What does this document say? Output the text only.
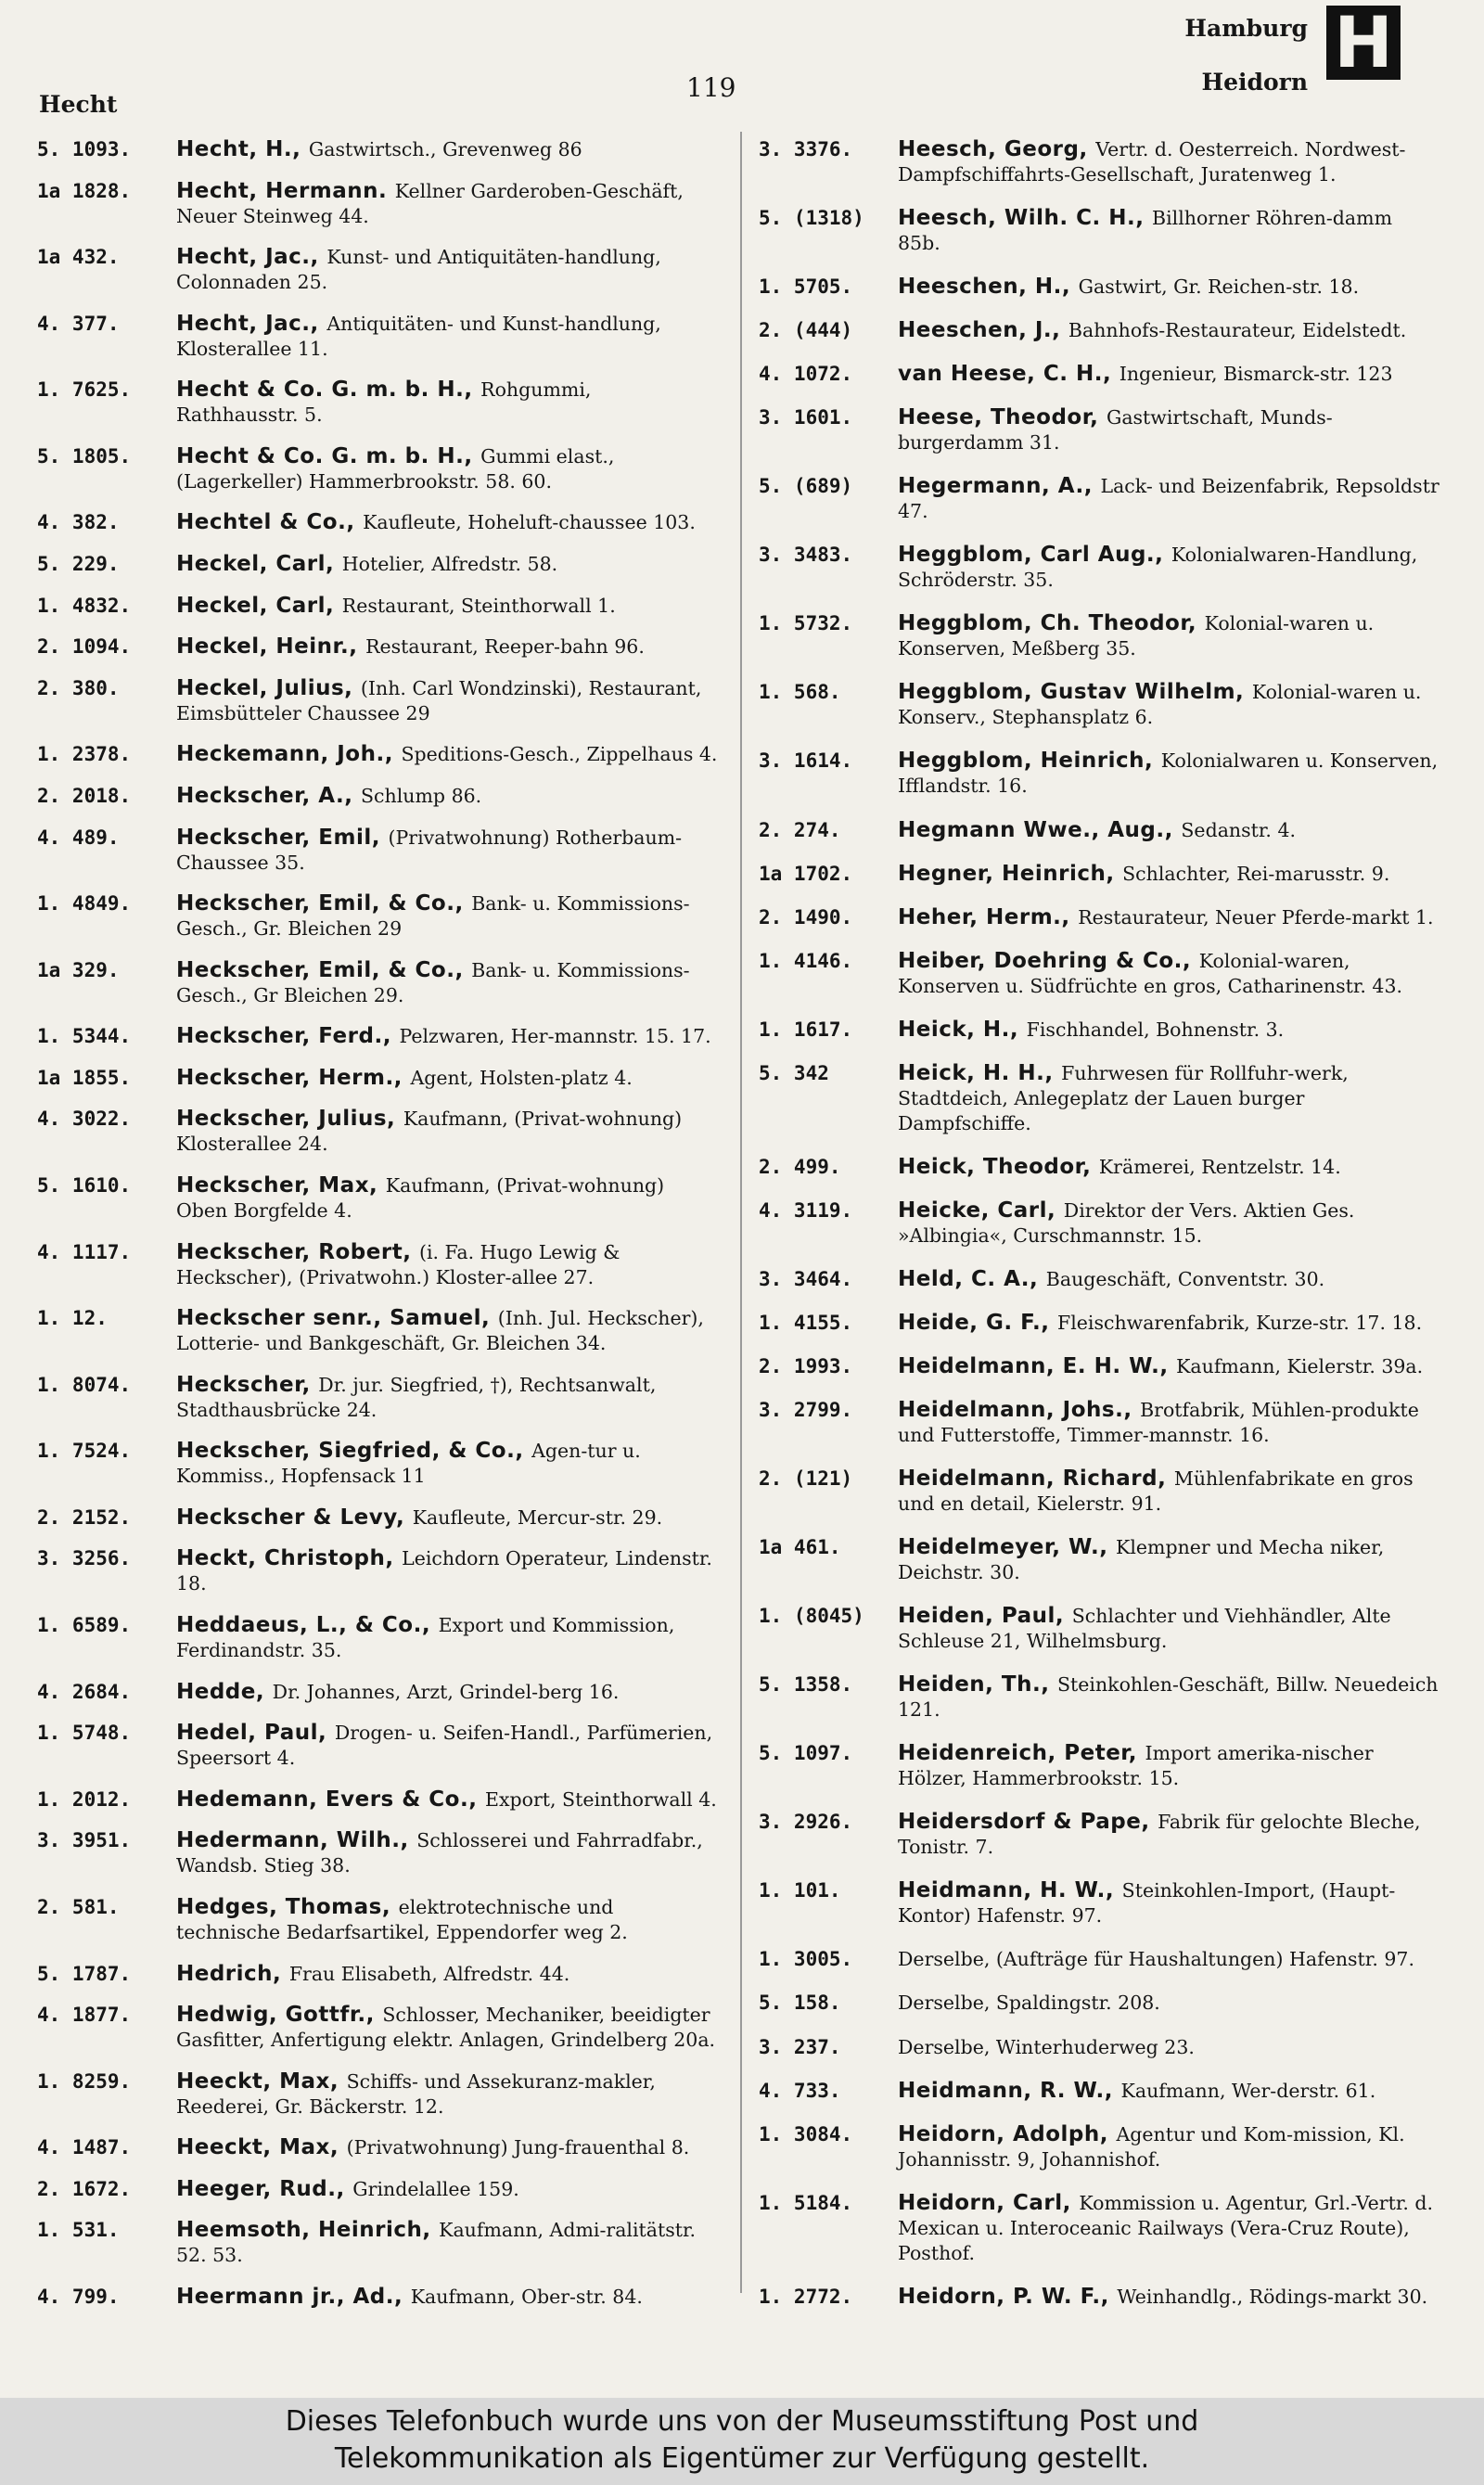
Hecht
119
Hamburg
Heidorn H
5. 1093.	Hecht, H., Gastwirtsch., Grevenweg 86
1a 1828.	Hecht, Hermann. Kellner Garderoben-Geschäft, Neuer Steinweg 44.
1a 432.	Hecht, Jac., Kunst- und Antiquitäten-handlung, Colonnaden 25.
4. 377.	Hecht, Jac., Antiquitäten- und Kunst-handlung, Klosterallee 11.
1. 7625.	Hecht & Co. G. m. b. H., Rohgummi, Rathhausstr. 5.
5. 1805.	Hecht & Co. G. m. b. H., Gummi elast., (Lagerkeller) Hammerbrookstr. 58. 60.
4. 382.	Hechtel & Co., Kaufleute, Hoheluft-chaussee 103.
5. 229.	Heckel, Carl, Hotelier, Alfredstr. 58.
1. 4832.	Heckel, Carl, Restaurant, Steinthorwall 1.
2. 1094.	Heckel, Heinr., Restaurant, Reeper-bahn 96.
2. 380.	Heckel, Julius, (Inh. Carl Wondzinski), Restaurant, Eimsbütteler Chaussee 29
1. 2378.	Heckemann, Joh., Speditions-Gesch., Zippelhaus 4.
2. 2018.	Heckscher, A., Schlump 86.
4. 489.	Heckscher, Emil, (Privatwohnung) Rotherbaum-Chaussee 35.
1. 4849.	Heckscher, Emil, & Co., Bank- u. Kommissions-Gesch., Gr. Bleichen 29
1a 329.	Heckscher, Emil, & Co., Bank- u. Kommissions-Gesch., Gr Bleichen 29.
1. 5344.	Heckscher, Ferd., Pelzwaren, Her-mannstr. 15. 17.
1a 1855.	Heckscher, Herm., Agent, Holsten-platz 4.
4. 3022.	Heckscher, Julius, Kaufmann, (Privat-wohnung) Klosterallee 24.
5. 1610.	Heckscher, Max, Kaufmann, (Privat-wohnung) Oben Borgfelde 4.
4. 1117.	Heckscher, Robert, (i. Fa. Hugo Lewig & Heckscher), (Privatwohn.) Kloster-allee 27.
1. 12.	Heckscher senr., Samuel, (Inh. Jul. Heckscher), Lotterie- und Bankgeschäft, Gr. Bleichen 34.
1. 8074.	Heckscher, Dr. jur. Siegfried, †), Rechtsanwalt, Stadthausbrücke 24.
1. 7524.	Heckscher, Siegfried, & Co., Agen-tur u. Kommiss., Hopfensack 11
2. 2152.	Heckscher & Levy, Kaufleute, Mercur-str. 29.
3. 3256.	Heckt, Christoph, Leichdorn Operateur, Lindenstr. 18.
1. 6589.	Heddaeus, L., & Co., Export und Kommission, Ferdinandstr. 35.
4. 2684.	Hedde, Dr. Johannes, Arzt, Grindel-berg 16.
1. 5748.	Hedel, Paul, Drogen- u. Seifen-Handl., Parfümerien, Speersort 4.
1. 2012.	Hedemann, Evers & Co., Export, Steinthorwall 4.
3. 3951.	Hedermann, Wilh., Schlosserei und Fahrradfabr., Wandsb. Stieg 38.
2. 581.	Hedges, Thomas, elektrotechnische und technische Bedarfsartikel, Eppendorfer weg 2.
5. 1787.	Hedrich, Frau Elisabeth, Alfredstr. 44.
4. 1877.	Hedwig, Gottfr., Schlosser, Mechaniker, beeidigter Gasfitter, Anfertigung elektr. Anlagen, Grindelberg 20a.
1. 8259.	Heeckt, Max, Schiffs- und Assekuranz-makler, Reederei, Gr. Bäckerstr. 12.
4. 1487.	Heeckt, Max, (Privatwohnung) Jung-frauenthal 8.
2. 1672.	Heeger, Rud., Grindelallee 159.
1. 531.	Heemsoth, Heinrich, Kaufmann, Admi-ralitätstr. 52. 53.
4. 799.	Heermann jr., Ad., Kaufmann, Ober-str. 84.
3. 3376.	Heesch, Georg, Vertr. d. Oesterreich. Nordwest-Dampfschiffahrts-Gesellschaft, Juratenweg 1.
5. (1318)	Heesch, Wilh. C. H., Billhorner Röhren-damm 85b.
1. 5705.	Heeschen, H., Gastwirt, Gr. Reichen-str. 18.
2. (444)	Heeschen, J., Bahnhofs-Restaurateur, Eidelstedt.
4. 1072.	van Heese, C. H., Ingenieur, Bismarck-str. 123
3. 1601.	Heese, Theodor, Gastwirtschaft, Munds-burgerdamm 31.
5. (689)	Hegermann, A., Lack- und Beizenfabrik, Repsoldstr 47.
3. 3483.	Heggblom, Carl Aug., Kolonialwaren-Handlung, Schröderstr. 35.
1. 5732.	Heggblom, Ch. Theodor, Kolonial-waren u. Konserven, Meßberg 35.
1. 568.	Heggblom, Gustav Wilhelm, Kolonial-waren u. Konserv., Stephansplatz 6.
3. 1614.	Heggblom, Heinrich, Kolonialwaren u. Konserven, Ifflandstr. 16.
2. 274.	Hegmann Wwe., Aug., Sedanstr. 4.
1a 1702.	Hegner, Heinrich, Schlachter, Rei-marusstr. 9.
2. 1490.	Heher, Herm., Restaurateur, Neuer Pferde-markt 1.
1. 4146.	Heiber, Doehring & Co., Kolonial-waren, Konserven u. Südfrüchte en gros, Catharinenstr. 43.
1. 1617.	Heick, H., Fischhandel, Bohnenstr. 3.
5. 342	Heick, H. H., Fuhrwesen für Rollfuhr-werk, Stadtdeich, Anlegeplatz der Lauen burger Dampfschiffe.
2. 499.	Heick, Theodor, Krämerei, Rentzelstr. 14.
4. 3119.	Heicke, Carl, Direktor der Vers. Aktien Ges. »Albingia«, Curschmannstr. 15.
3. 3464.	Held, C. A., Baugeschäft, Conventstr. 30.
1. 4155.	Heide, G. F., Fleischwarenfabrik, Kurze-str. 17. 18.
2. 1993.	Heidelmann, E. H. W., Kaufmann, Kielerstr. 39a.
3. 2799.	Heidelmann, Johs., Brotfabrik, Mühlen-produkte und Futterstoffe, Timmer-mannstr. 16.
2. (121)	Heidelmann, Richard, Mühlenfabrikate en gros und en detail, Kielerstr. 91.
1a 461.	Heidelmeyer, W., Klempner und Mecha niker, Deichstr. 30.
1. (8045)	Heiden, Paul, Schlachter und Viehhändler, Alte Schleuse 21, Wilhelmsburg.
5. 1358.	Heiden, Th., Steinkohlen-Geschäft, Billw. Neuedeich 121.
5. 1097.	Heidenreich, Peter, Import amerika-nischer Hölzer, Hammerbrookstr. 15.
3. 2926.	Heidersdorf & Pape, Fabrik für gelochte Bleche, Tonistr. 7.
1. 101.	Heidmann, H. W., Steinkohlen-Import, (Haupt-Kontor) Hafenstr. 97.
1. 3005.	Derselbe, (Aufträge für Haushaltungen) Hafenstr. 97.
5. 158.	Derselbe, Spaldingstr. 208.
3. 237.	Derselbe, Winterhuderweg 23.
4. 733.	Heidmann, R. W., Kaufmann, Wer-derstr. 61.
1. 3084.	Heidorn, Adolph, Agentur und Kom-mission, Kl. Johannisstr. 9, Johannishof.
1. 5184.	Heidorn, Carl, Kommission u. Agentur, Grl.-Vertr. d. Mexican u. Interoceanic Railways (Vera-Cruz Route), Posthof.
1. 2772.	Heidorn, P. W. F., Weinhandlg., Rödings-markt 30.
Dieses Telefonbuch wurde uns von der Museumsstiftung Post und
Telekommunikation als Eigentümer zur Verfügung gestellt.
